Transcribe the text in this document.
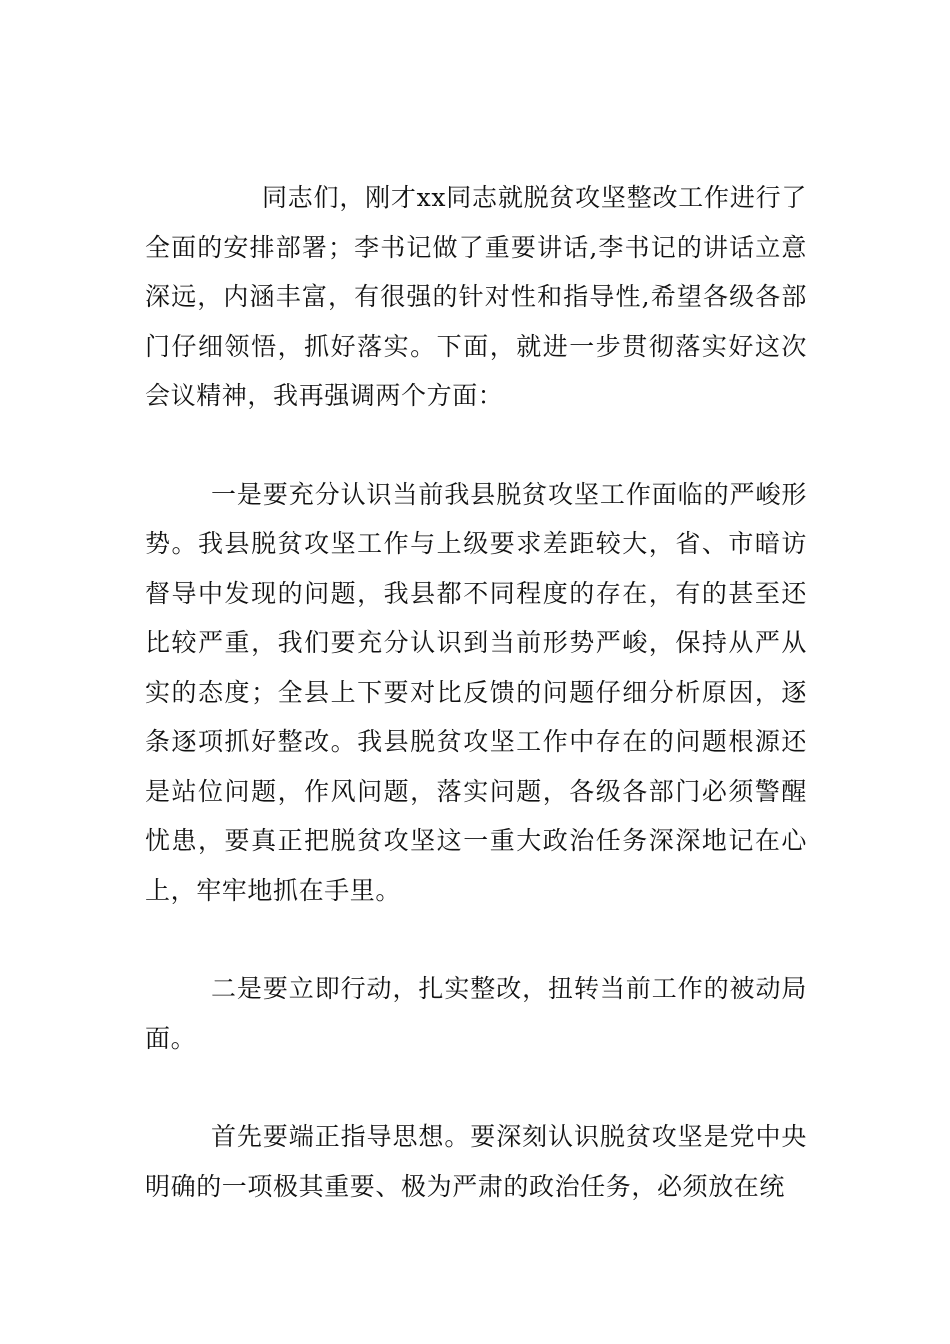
同志们，刚才xx同志就脱贫攻坚整改工作进行了全面的安排部署；李书记做了重要讲话,李书记的讲话立意深远，内涵丰富，有很强的针对性和指导性,希望各级各部门仔细领悟，抓好落实。下面，就进一步贯彻落实好这次会议精神，我再强调两个方面：

一是要充分认识当前我县脱贫攻坚工作面临的严峻形势。我县脱贫攻坚工作与上级要求差距较大，省、市暗访督导中发现的问题，我县都不同程度的存在，有的甚至还比较严重，我们要充分认识到当前形势严峻，保持从严从实的态度；全县上下要对比反馈的问题仔细分析原因，逐条逐项抓好整改。我县脱贫攻坚工作中存在的问题根源还是站位问题，作风问题，落实问题，各级各部门必须警醒忧患，要真正把脱贫攻坚这一重大政治任务深深地记在心上，牢牢地抓在手里。

二是要立即行动，扎实整改，扭转当前工作的被动局面。

首先要端正指导思想。要深刻认识脱贫攻坚是党中央明确的一项极其重要、极为严肃的政治任务，必须放在统
